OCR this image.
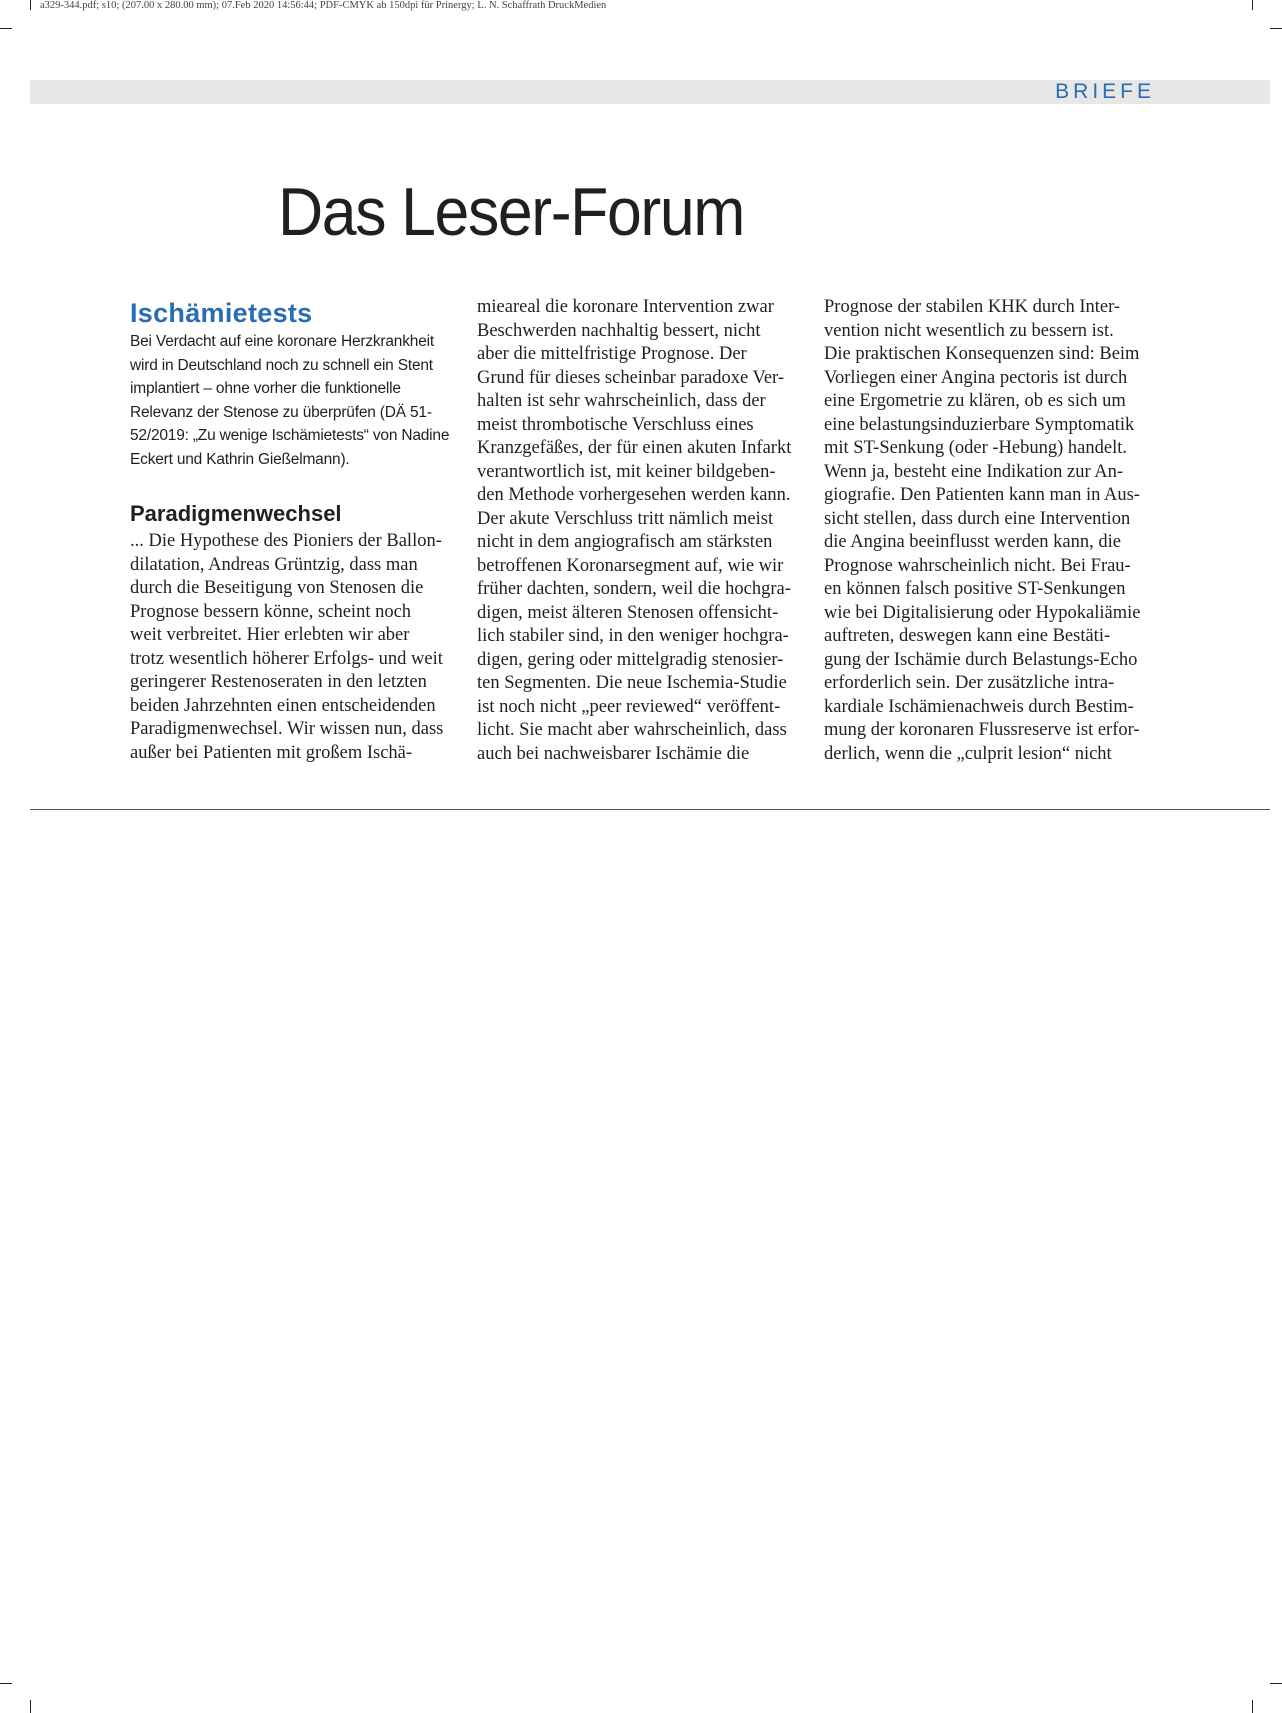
a329-344.pdf; s10; (207.00 x 280.00 mm); 07.Feb 2020 14:56:44; PDF-CMYK ab 150dpi für Prinergy; L. N. Schaffrath DruckMedien
BRIEFE
Das Leser-Forum
Ischämietests

Bei Verdacht auf eine koronare Herzkrankheit wird in Deutschland noch zu schnell ein Stent implantiert – ohne vorher die funktionelle Relevanz der Stenose zu überprüfen (DÄ 51-52/2019: „Zu wenige Ischämietests“ von Nadine Eckert und Kathrin Gießelmann).

Paradigmenwechsel

... Die Hypothese des Pioniers der Ballon-
dilatation, Andreas Grüntzig, dass man
durch die Beseitigung von Stenosen die
Prognose bessern könne, scheint noch
weit verbreitet. Hier erlebten wir aber
trotz wesentlich höherer Erfolgs- und weit
geringerer Restenoseraten in den letzten
beiden Jahrzehnten einen entscheidenden
Paradigmenwechsel. Wir wissen nun, dass
außer bei Patienten mit großem Ischä-

mieareal die koronare Intervention zwar
Beschwerden nachhaltig bessert, nicht
aber die mittelfristige Prognose. Der
Grund für dieses scheinbar paradoxe Ver-
halten ist sehr wahrscheinlich, dass der
meist thrombotische Verschluss eines
Kranzgefäßes, der für einen akuten Infarkt
verantwortlich ist, mit keiner bildgeben-
den Methode vorhergesehen werden kann.
Der akute Verschluss tritt nämlich meist
nicht in dem angiografisch am stärksten
betroffenen Koronarsegment auf, wie wir
früher dachten, sondern, weil die hochgra-
digen, meist älteren Stenosen offensicht-
lich stabiler sind, in den weniger hochgra-
digen, gering oder mittelgradig stenosier-
ten Segmenten. Die neue Ischemia-Studie
ist noch nicht „peer reviewed“ veröffent-
licht. Sie macht aber wahrscheinlich, dass
auch bei nachweisbarer Ischämie die

Prognose der stabilen KHK durch Inter-
vention nicht wesentlich zu bessern ist.
Die praktischen Konsequenzen sind: Beim
Vorliegen einer Angina pectoris ist durch
eine Ergometrie zu klären, ob es sich um
eine belastungsinduzierbare Symptomatik
mit ST-Senkung (oder -Hebung) handelt.
Wenn ja, besteht eine Indikation zur An-
giografie. Den Patienten kann man in Aus-
sicht stellen, dass durch eine Intervention
die Angina beeinflusst werden kann, die
Prognose wahrscheinlich nicht. Bei Frau-
en können falsch positive ST-Senkungen
wie bei Digitalisierung oder Hypokaliämie
auftreten, deswegen kann eine Bestäti-
gung der Ischämie durch Belastungs-Echo
erforderlich sein. Der zusätzliche intra-
kardiale Ischämienachweis durch Bestim-
mung der koronaren Flussreserve ist erfor-
derlich, wenn die „culprit lesion“ nicht
